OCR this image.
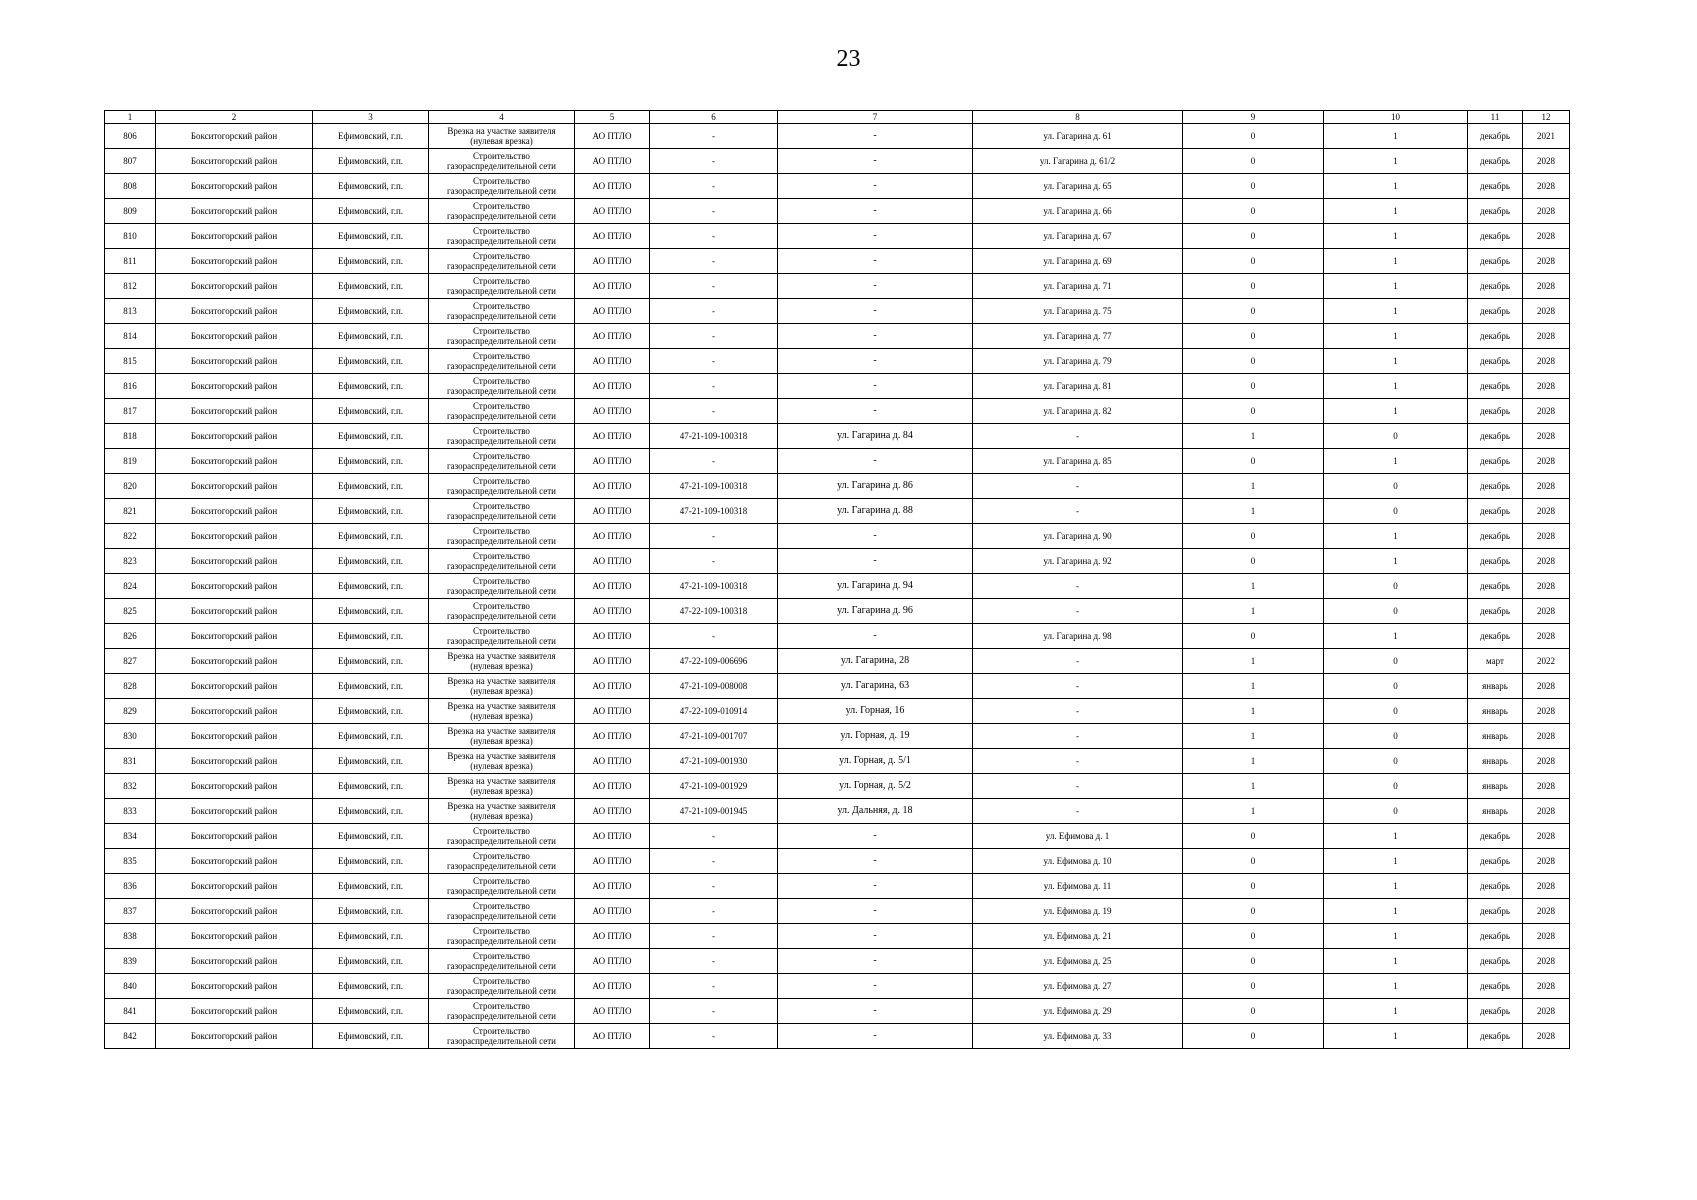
23
1	2	3	4	5	6	7	8	9	10	11	12
806	Бокситогорский район	Ефимовский, г.п.	Врезка на участке заявителя (нулевая врезка)	АО ПТЛО	-	-	ул. Гагарина д. 61	0	1	декабрь	2021
807	Бокситогорский район	Ефимовский, г.п.	Строительство газораспределительной сети	АО ПТЛО	-	-	ул. Гагарина д. 61/2	0	1	декабрь	2028
808	Бокситогорский район	Ефимовский, г.п.	Строительство газораспределительной сети	АО ПТЛО	-	-	ул. Гагарина д. 65	0	1	декабрь	2028
809	Бокситогорский район	Ефимовский, г.п.	Строительство газораспределительной сети	АО ПТЛО	-	-	ул. Гагарина д. 66	0	1	декабрь	2028
810	Бокситогорский район	Ефимовский, г.п.	Строительство газораспределительной сети	АО ПТЛО	-	-	ул. Гагарина д. 67	0	1	декабрь	2028
811	Бокситогорский район	Ефимовский, г.п.	Строительство газораспределительной сети	АО ПТЛО	-	-	ул. Гагарина д. 69	0	1	декабрь	2028
812	Бокситогорский район	Ефимовский, г.п.	Строительство газораспределительной сети	АО ПТЛО	-	-	ул. Гагарина д. 71	0	1	декабрь	2028
813	Бокситогорский район	Ефимовский, г.п.	Строительство газораспределительной сети	АО ПТЛО	-	-	ул. Гагарина д. 75	0	1	декабрь	2028
814	Бокситогорский район	Ефимовский, г.п.	Строительство газораспределительной сети	АО ПТЛО	-	-	ул. Гагарина д. 77	0	1	декабрь	2028
815	Бокситогорский район	Ефимовский, г.п.	Строительство газораспределительной сети	АО ПТЛО	-	-	ул. Гагарина д. 79	0	1	декабрь	2028
816	Бокситогорский район	Ефимовский, г.п.	Строительство газораспределительной сети	АО ПТЛО	-	-	ул. Гагарина д. 81	0	1	декабрь	2028
817	Бокситогорский район	Ефимовский, г.п.	Строительство газораспределительной сети	АО ПТЛО	-	-	ул. Гагарина д. 82	0	1	декабрь	2028
818	Бокситогорский район	Ефимовский, г.п.	Строительство газораспределительной сети	АО ПТЛО	47-21-109-100318	ул. Гагарина д. 84	-	1	0	декабрь	2028
819	Бокситогорский район	Ефимовский, г.п.	Строительство газораспределительной сети	АО ПТЛО	-	-	ул. Гагарина д. 85	0	1	декабрь	2028
820	Бокситогорский район	Ефимовский, г.п.	Строительство газораспределительной сети	АО ПТЛО	47-21-109-100318	ул. Гагарина д. 86	-	1	0	декабрь	2028
821	Бокситогорский район	Ефимовский, г.п.	Строительство газораспределительной сети	АО ПТЛО	47-21-109-100318	ул. Гагарина д. 88	-	1	0	декабрь	2028
822	Бокситогорский район	Ефимовский, г.п.	Строительство газораспределительной сети	АО ПТЛО	-	-	ул. Гагарина д. 90	0	1	декабрь	2028
823	Бокситогорский район	Ефимовский, г.п.	Строительство газораспределительной сети	АО ПТЛО	-	-	ул. Гагарина д. 92	0	1	декабрь	2028
824	Бокситогорский район	Ефимовский, г.п.	Строительство газораспределительной сети	АО ПТЛО	47-21-109-100318	ул. Гагарина д. 94	-	1	0	декабрь	2028
825	Бокситогорский район	Ефимовский, г.п.	Строительство газораспределительной сети	АО ПТЛО	47-22-109-100318	ул. Гагарина д. 96	-	1	0	декабрь	2028
826	Бокситогорский район	Ефимовский, г.п.	Строительство газораспределительной сети	АО ПТЛО	-	-	ул. Гагарина д. 98	0	1	декабрь	2028
827	Бокситогорский район	Ефимовский, г.п.	Врезка на участке заявителя (нулевая врезка)	АО ПТЛО	47-22-109-006696	ул. Гагарина, 28	-	1	0	март	2022
828	Бокситогорский район	Ефимовский, г.п.	Врезка на участке заявителя (нулевая врезка)	АО ПТЛО	47-21-109-008008	ул. Гагарина, 63	-	1	0	январь	2028
829	Бокситогорский район	Ефимовский, г.п.	Врезка на участке заявителя (нулевая врезка)	АО ПТЛО	47-22-109-010914	ул. Горная, 16	-	1	0	январь	2028
830	Бокситогорский район	Ефимовский, г.п.	Врезка на участке заявителя (нулевая врезка)	АО ПТЛО	47-21-109-001707	ул. Горная, д. 19	-	1	0	январь	2028
831	Бокситогорский район	Ефимовский, г.п.	Врезка на участке заявителя (нулевая врезка)	АО ПТЛО	47-21-109-001930	ул. Горная, д. 5/1	-	1	0	январь	2028
832	Бокситогорский район	Ефимовский, г.п.	Врезка на участке заявителя (нулевая врезка)	АО ПТЛО	47-21-109-001929	ул. Горная, д. 5/2	-	1	0	январь	2028
833	Бокситогорский район	Ефимовский, г.п.	Врезка на участке заявителя (нулевая врезка)	АО ПТЛО	47-21-109-001945	ул. Дальняя, д. 18	-	1	0	январь	2028
834	Бокситогорский район	Ефимовский, г.п.	Строительство газораспределительной сети	АО ПТЛО	-	-	ул. Ефимова д. 1	0	1	декабрь	2028
835	Бокситогорский район	Ефимовский, г.п.	Строительство газораспределительной сети	АО ПТЛО	-	-	ул. Ефимова д. 10	0	1	декабрь	2028
836	Бокситогорский район	Ефимовский, г.п.	Строительство газораспределительной сети	АО ПТЛО	-	-	ул. Ефимова д. 11	0	1	декабрь	2028
837	Бокситогорский район	Ефимовский, г.п.	Строительство газораспределительной сети	АО ПТЛО	-	-	ул. Ефимова д. 19	0	1	декабрь	2028
838	Бокситогорский район	Ефимовский, г.п.	Строительство газораспределительной сети	АО ПТЛО	-	-	ул. Ефимова д. 21	0	1	декабрь	2028
839	Бокситогорский район	Ефимовский, г.п.	Строительство газораспределительной сети	АО ПТЛО	-	-	ул. Ефимова д. 25	0	1	декабрь	2028
840	Бокситогорский район	Ефимовский, г.п.	Строительство газораспределительной сети	АО ПТЛО	-	-	ул. Ефимова д. 27	0	1	декабрь	2028
841	Бокситогорский район	Ефимовский, г.п.	Строительство газораспределительной сети	АО ПТЛО	-	-	ул. Ефимова д. 29	0	1	декабрь	2028
842	Бокситогорский район	Ефимовский, г.п.	Строительство газораспределительной сети	АО ПТЛО	-	-	ул. Ефимова д. 33	0	1	декабрь	2028
